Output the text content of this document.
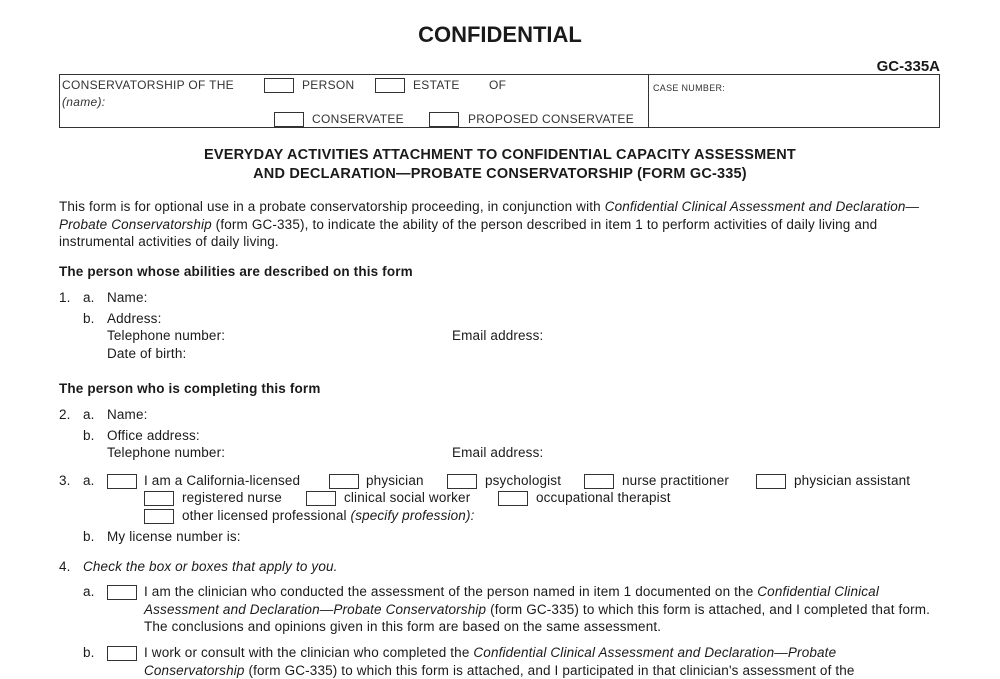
CONFIDENTIAL
GC-335A
CONSERVATORSHIP OF THE
(name):
PERSON	ESTATE OF
CONSERVATEE	PROPOSED CONSERVATEE
CASE NUMBER:
EVERYDAY ACTIVITIES ATTACHMENT TO CONFIDENTIAL CAPACITY ASSESSMENT
AND DECLARATION—PROBATE CONSERVATORSHIP (FORM GC-335)
This form is for optional use in a probate conservatorship proceeding, in conjunction with Confidential Clinical Assessment and Declaration—Probate Conservatorship (form GC-335), to indicate the ability of the person described in item 1 to perform activities of daily living and instrumental activities of daily living.
The person whose abilities are described on this form
1. a. Name:
b. Address:
Telephone number:	Email address:
Date of birth:
The person who is completing this form
2. a. Name:
b. Office address:
Telephone number:	Email address:
3. a.	I am a California-licensed	physician	psychologist	nurse practitioner	physician assistant
registered nurse	clinical social worker	occupational therapist
other licensed professional (specify profession):
b. My license number is:
4. Check the box or boxes that apply to you.
a.	I am the clinician who conducted the assessment of the person named in item 1 documented on the Confidential Clinical Assessment and Declaration—Probate Conservatorship (form GC-335) to which this form is attached, and I completed that form. The conclusions and opinions given in this form are based on the same assessment.
b.	I work or consult with the clinician who completed the Confidential Clinical Assessment and Declaration—Probate Conservatorship (form GC-335) to which this form is attached, and I participated in that clinician's assessment of the
